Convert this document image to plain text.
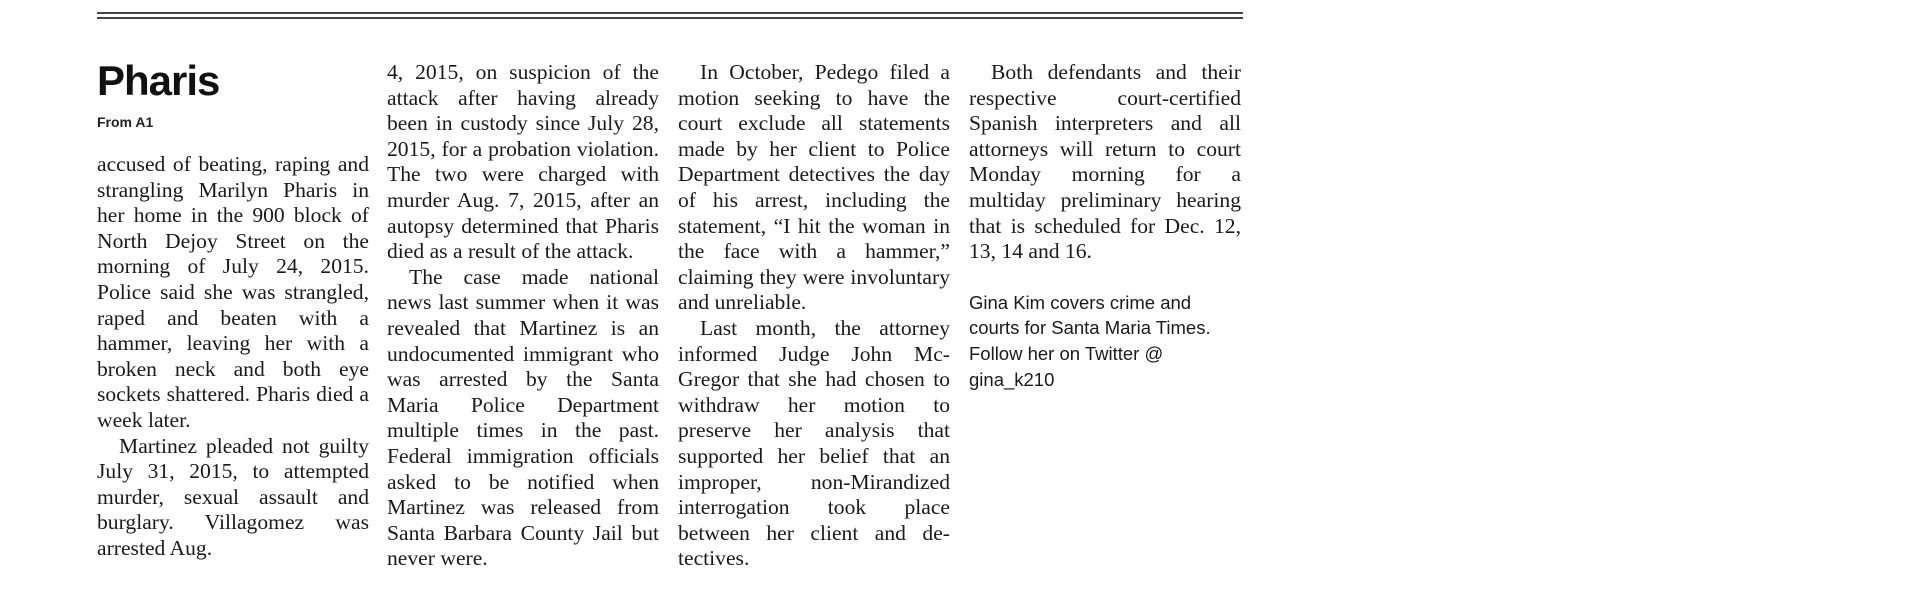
Pharis
From A1

accused of beating, raping and strangling Marilyn Pharis in her home in the 900 block of North Dejoy Street on the morning of July 24, 2015. Police said she was strangled, raped and beaten with a hammer, leaving her with a broken neck and both eye sockets shattered. Pharis died a week later.

Martinez pleaded not guilty July 31, 2015, to attempted murder, sexual assault and burglary. Villagomez was arrested Aug.

4, 2015, on suspicion of the attack after having already been in custody since July 28, 2015, for a probation violation. The two were charged with murder Aug. 7, 2015, after an autopsy determined that Pharis died as a result of the attack.

The case made national news last summer when it was revealed that Martinez is an undocumented immigrant who was arrested by the Santa Maria Police Department multiple times in the past. Federal immigration officials asked to be notified when Martinez was released from Santa Barbara County Jail but never were.

In October, Pedego filed a motion seeking to have the court exclude all statements made by her client to Police Department detectives the day of his arrest, including the statement, “I hit the woman in the face with a hammer,” claiming they were involuntary and unreliable.

Last month, the attorney informed Judge John McGregor that she had chosen to withdraw her motion to preserve her analysis that supported her belief that an improper, non-Mirandized interrogation took place between her client and detectives.

Both defendants and their respective court-certified Spanish interpreters and all attorneys will return to court Monday morning for a multiday preliminary hearing that is scheduled for Dec. 12, 13, 14 and 16.

Gina Kim covers crime and courts for Santa Maria Times. Follow her on Twitter @ gina_k210
